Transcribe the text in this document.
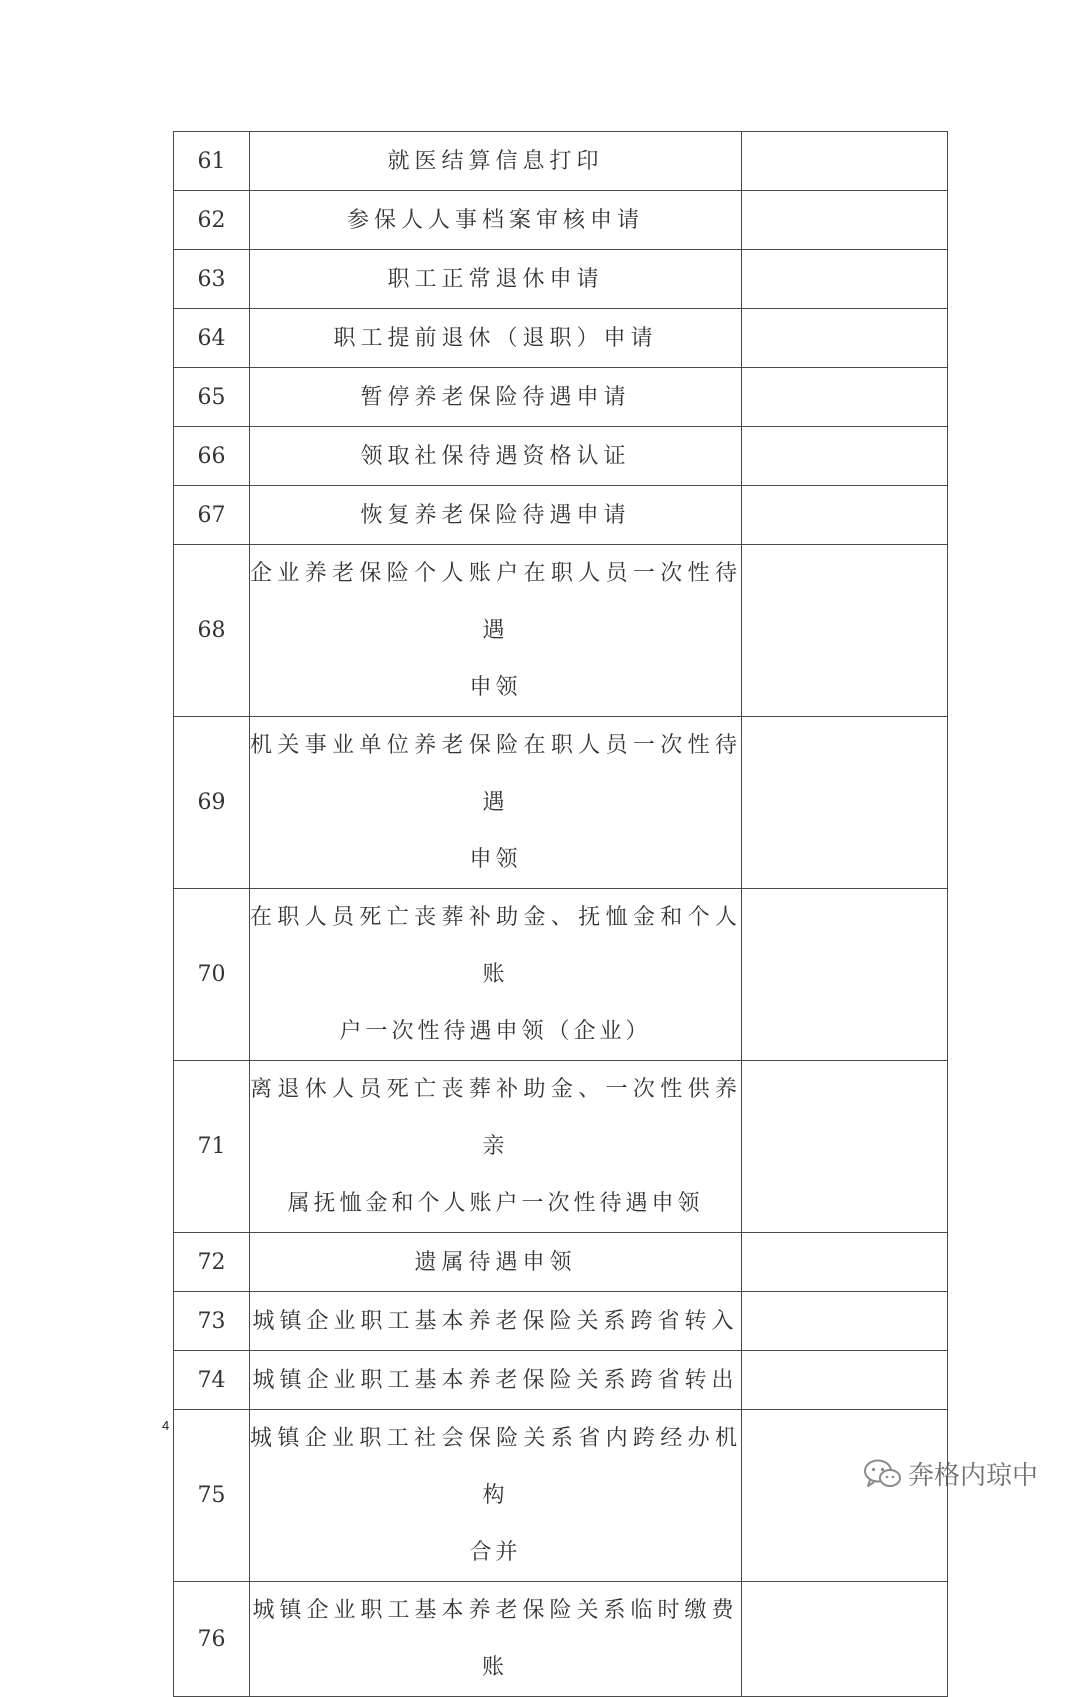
61	就医结算信息打印	

62	参保人人事档案审核申请	

63	职工正常退休申请	

64	职工提前退休（退职）申请	

65	暂停养老保险待遇申请	

66	领取社保待遇资格认证	

67	恢复养老保险待遇申请	

68	企业养老保险个人账户在职人员一次性待遇
申领	

69	机关事业单位养老保险在职人员一次性待遇
申领	

70	在职人员死亡丧葬补助金、抚恤金和个人账
户一次性待遇申领（企业）	

71	离退休人员死亡丧葬补助金、一次性供养亲
属抚恤金和个人账户一次性待遇申领	

72	遗属待遇申领	

73	城镇企业职工基本养老保险关系跨省转入	

74	城镇企业职工基本养老保险关系跨省转出	

75	城镇企业职工社会保险关系省内跨经办机构
合并	

76	城镇企业职工基本养老保险关系临时缴费账	

4
奔格内琼中
